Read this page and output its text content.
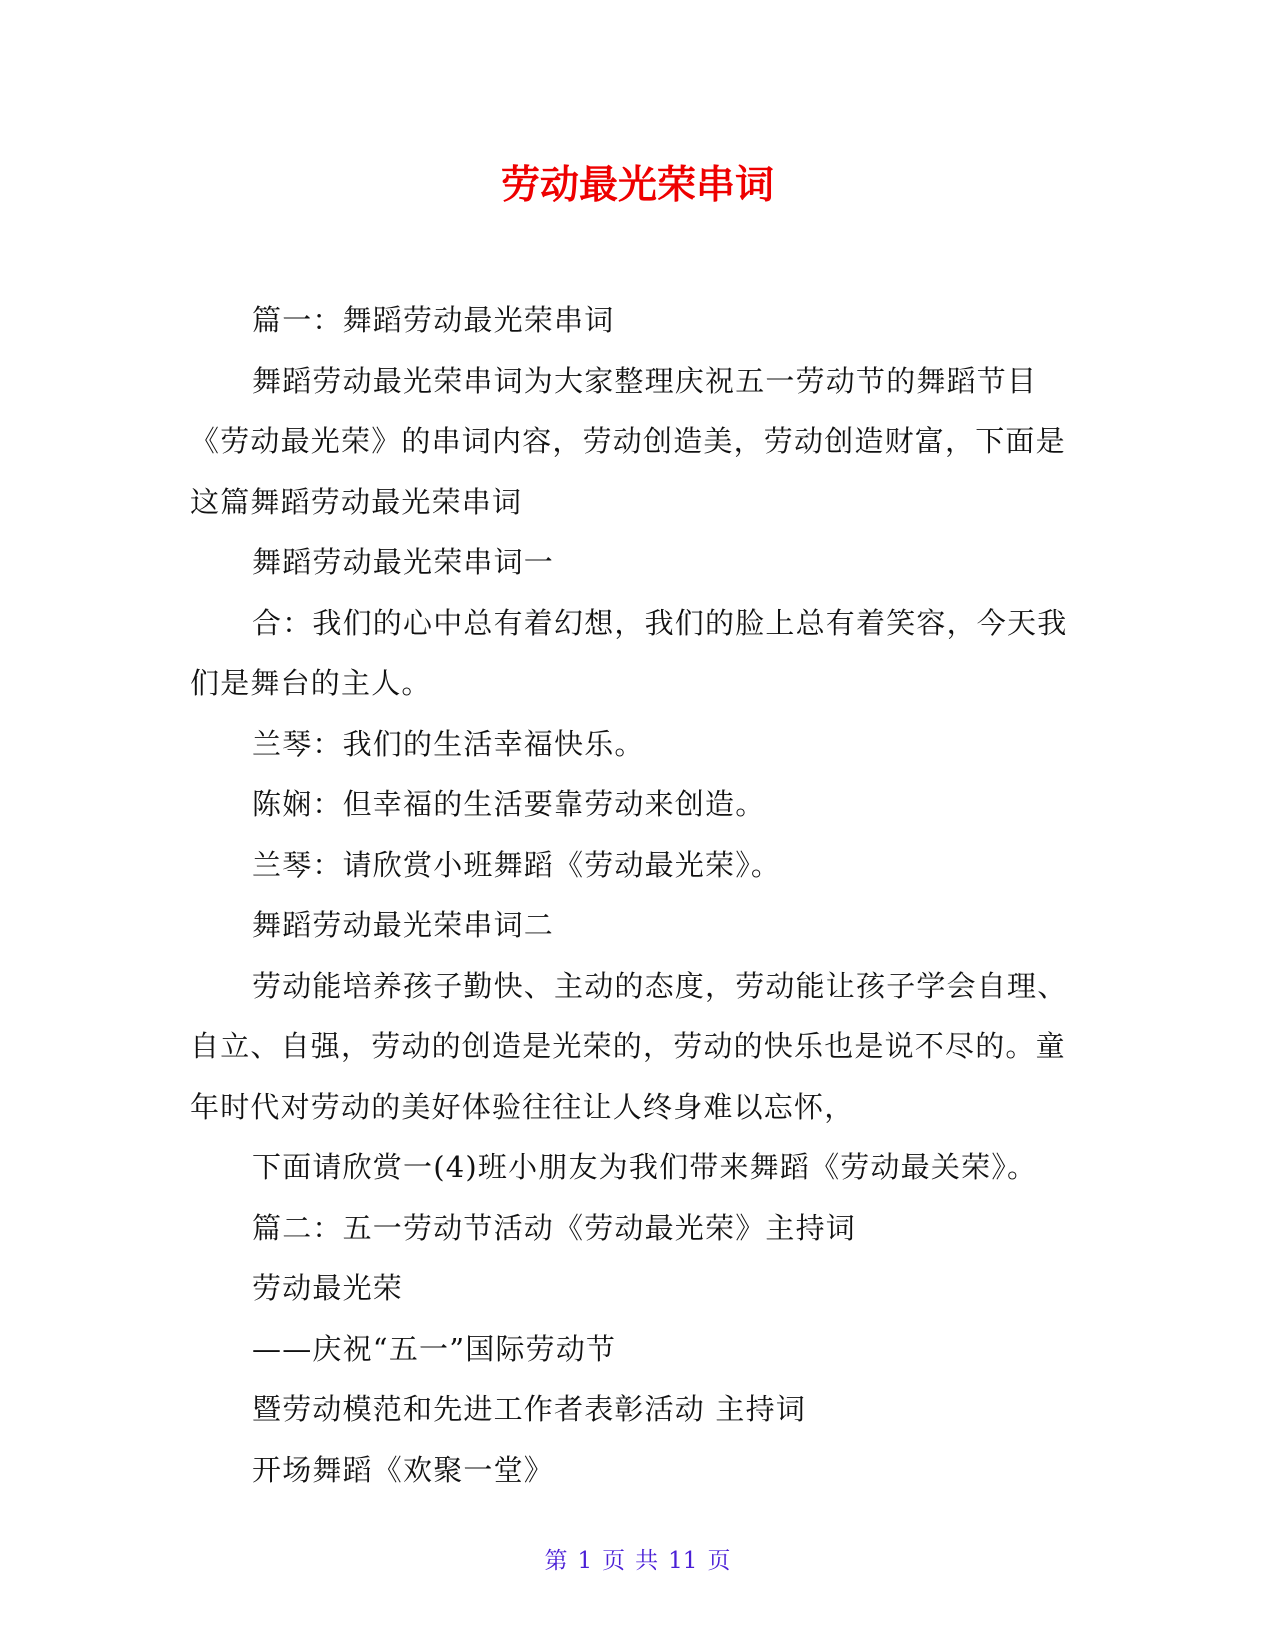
劳动最光荣串词

篇一：舞蹈劳动最光荣串词

舞蹈劳动最光荣串词为大家整理庆祝五一劳动节的舞蹈节目《劳动最光荣》的串词内容，劳动创造美，劳动创造财富，下面是这篇舞蹈劳动最光荣串词

舞蹈劳动最光荣串词一

合：我们的心中总有着幻想，我们的脸上总有着笑容，今天我们是舞台的主人。

兰琴：我们的生活幸福快乐。

陈娴：但幸福的生活要靠劳动来创造。

兰琴：请欣赏小班舞蹈《劳动最光荣》。

舞蹈劳动最光荣串词二

劳动能培养孩子勤快、主动的态度，劳动能让孩子学会自理、自立、自强，劳动的创造是光荣的，劳动的快乐也是说不尽的。童年时代对劳动的美好体验往往让人终身难以忘怀，

下面请欣赏一(4)班小朋友为我们带来舞蹈《劳动最关荣》。

篇二：五一劳动节活动《劳动最光荣》主持词

劳动最光荣

——庆祝“五一”国际劳动节

暨劳动模范和先进工作者表彰活动 主持词

开场舞蹈《欢聚一堂》

第 1 页 共 11 页
